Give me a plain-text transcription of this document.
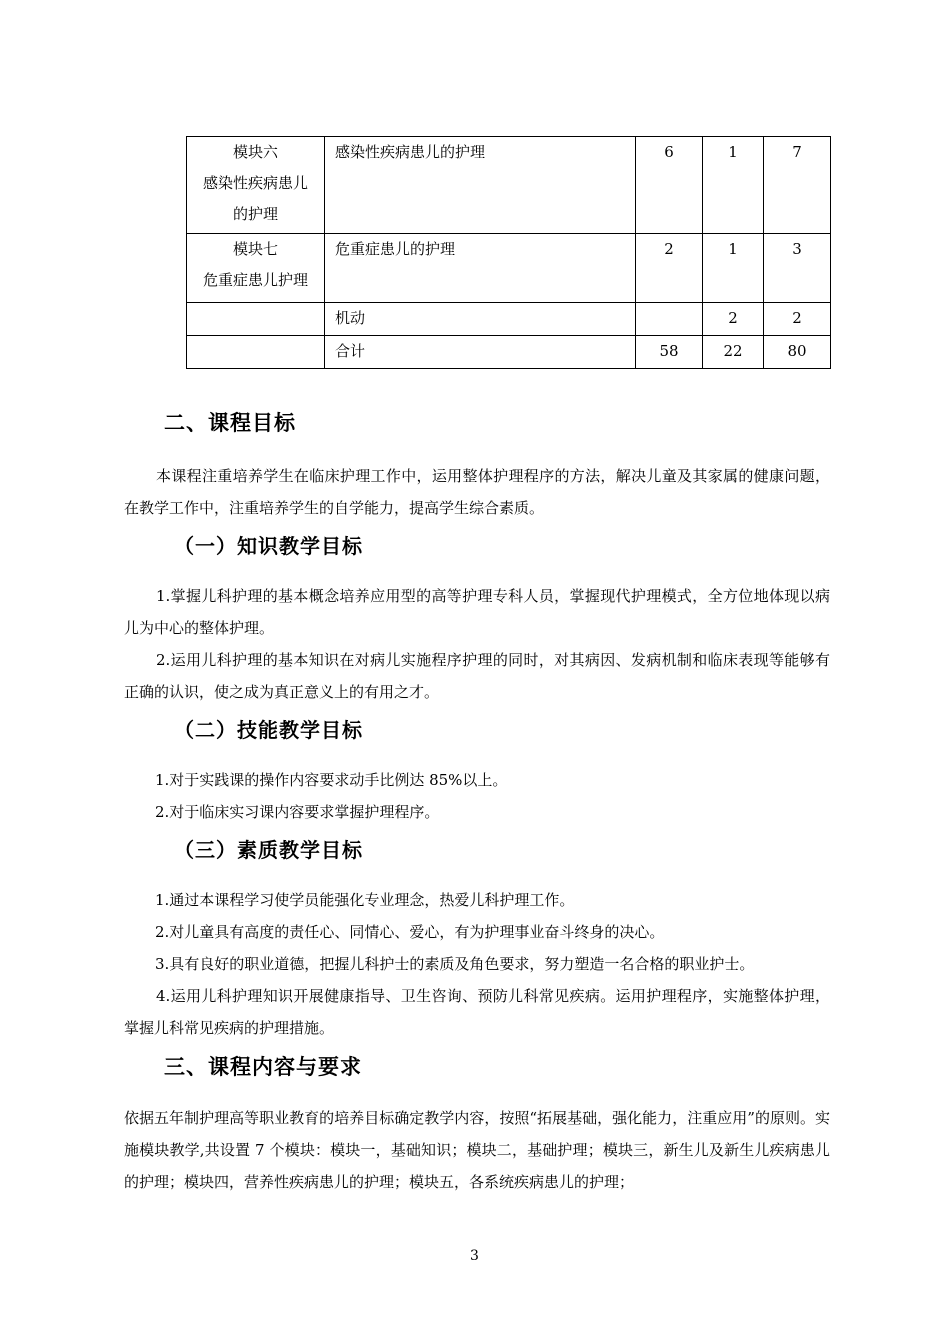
模块六
感染性疾病患儿
的护理	感染性疾病患儿的护理	6	1	7

模块七
危重症患儿护理	危重症患儿的护理	2	1	3
	机动		2	2
	合计	58	22	80
二、课程目标
本课程注重培养学生在临床护理工作中，运用整体护理程序的方法，解决儿童及其家属的健康问题，在教学工作中，注重培养学生的自学能力，提高学生综合素质。
（一）知识教学目标
1.掌握儿科护理的基本概念培养应用型的高等护理专科人员，掌握现代护理模式，全方位地体现以病儿为中心的整体护理。
2.运用儿科护理的基本知识在对病儿实施程序护理的同时，对其病因、发病机制和临床表现等能够有正确的认识，使之成为真正意义上的有用之才。
（二）技能教学目标
1.对于实践课的操作内容要求动手比例达 85%以上。
2.对于临床实习课内容要求掌握护理程序。
（三）素质教学目标
1.通过本课程学习使学员能强化专业理念，热爱儿科护理工作。
2.对儿童具有高度的责任心、同情心、爱心，有为护理事业奋斗终身的决心。
3.具有良好的职业道德，把握儿科护士的素质及角色要求，努力塑造一名合格的职业护士。
4.运用儿科护理知识开展健康指导、卫生咨询、预防儿科常见疾病。运用护理程序，实施整体护理，掌握儿科常见疾病的护理措施。
三、课程内容与要求
依据五年制护理高等职业教育的培养目标确定教学内容，按照“拓展基础，强化能力，注重应用”的原则。实施模块教学,共设置 7 个模块：模块一，基础知识；模块二，基础护理；模块三，新生儿及新生儿疾病患儿的护理；模块四，营养性疾病患儿的护理；模块五，各系统疾病患儿的护理；
3
